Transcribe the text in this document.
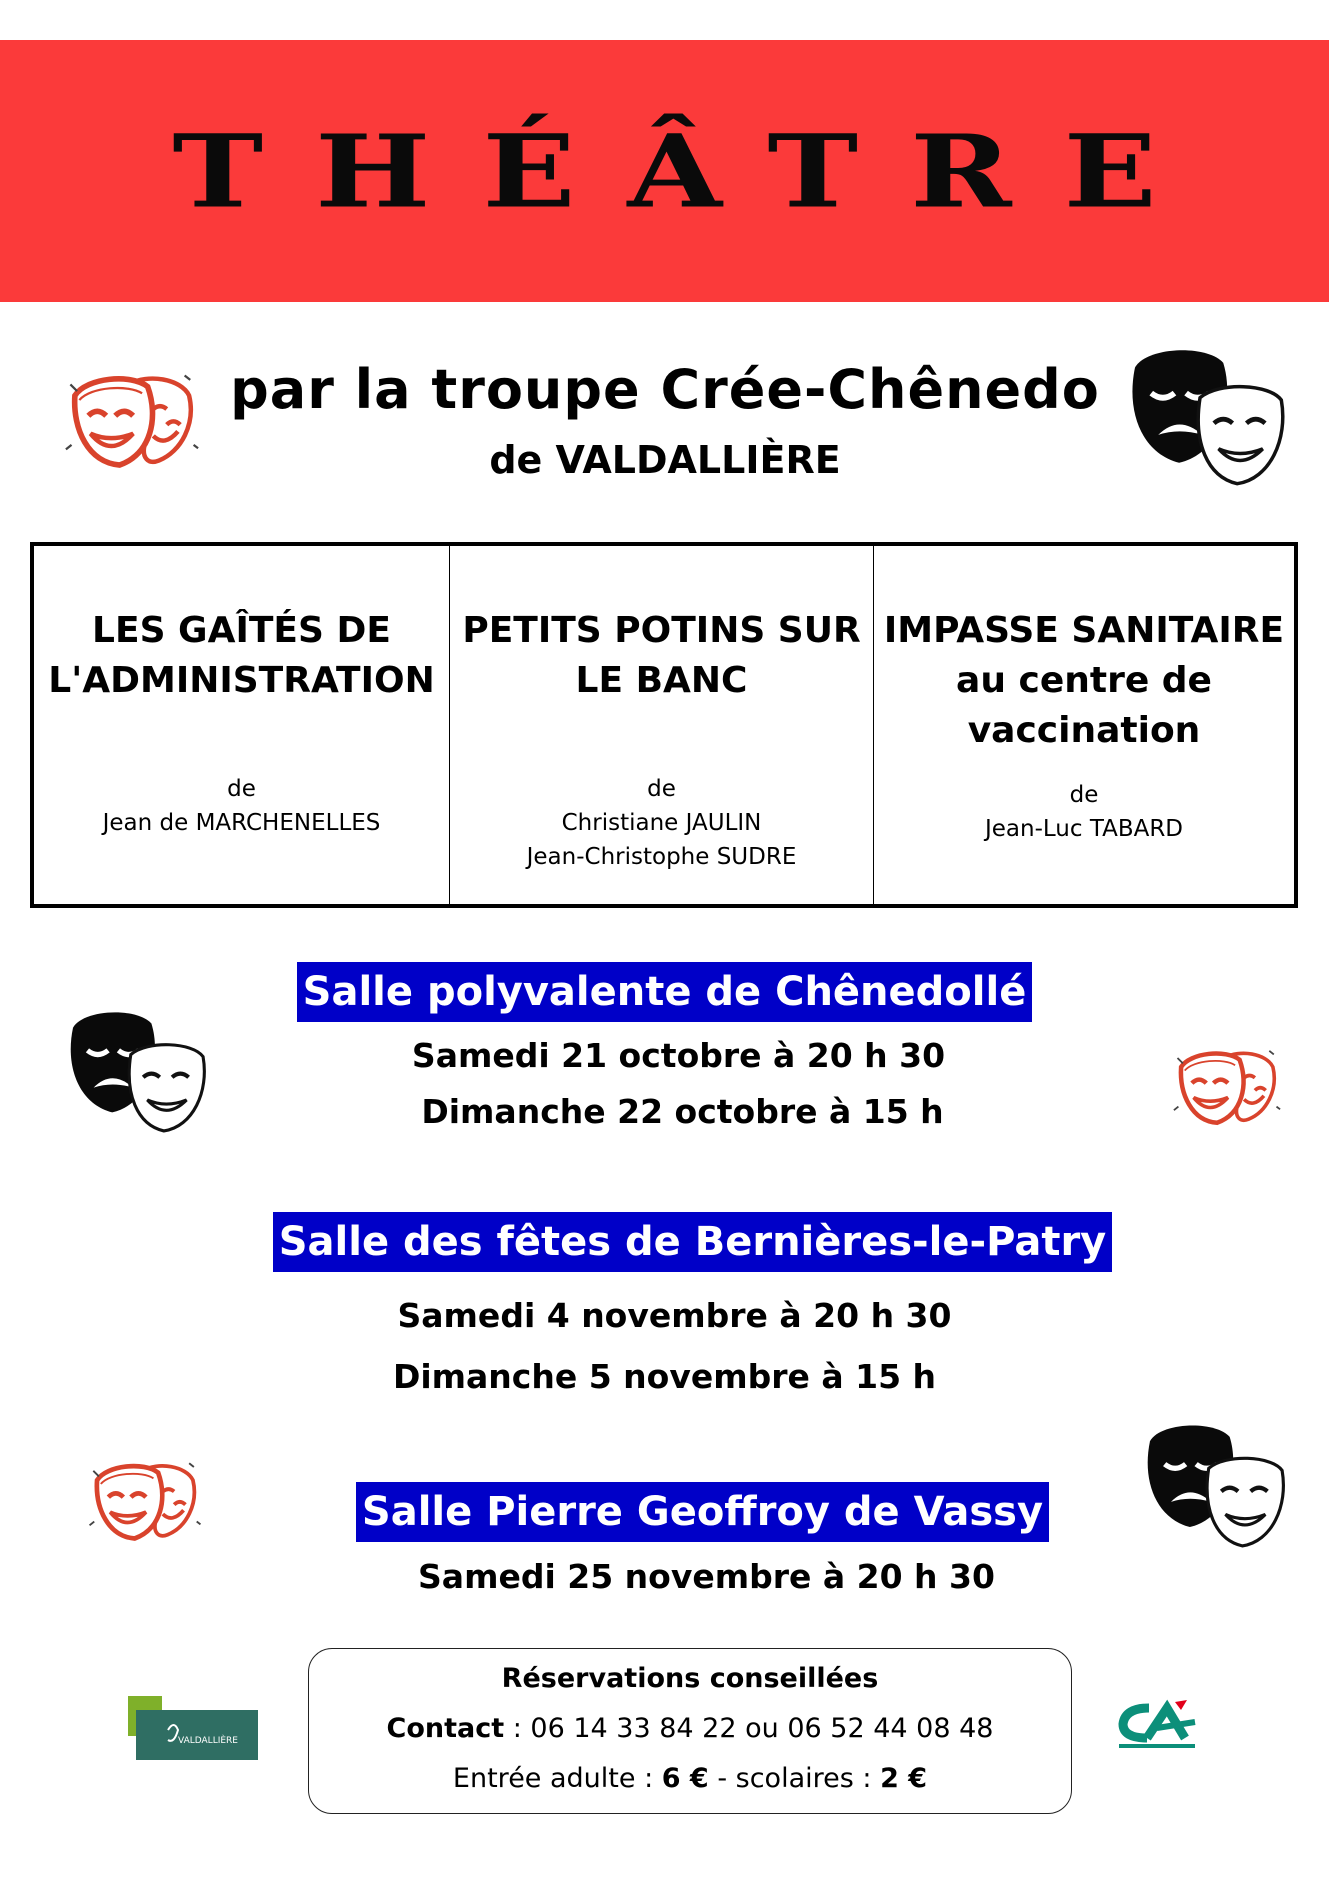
THÉÂTRE
par la troupe Crée-Chênedo
de VALDALLIÈRE
LES GAÎTÉS DE
L'ADMINISTRATION
de
Jean de MARCHENELLES
PETITS POTINS SUR
LE BANC
de
Christiane JAULIN
Jean-Christophe SUDRE
IMPASSE SANITAIRE
au centre de
vaccination
de
Jean-Luc TABARD
Salle polyvalente de Chênedollé
Samedi 21 octobre à 20 h 30
Dimanche 22 octobre à 15 h
Salle des fêtes de Bernières-le-Patry
Samedi 4 novembre à 20 h 30
Dimanche 5 novembre à 15 h
Salle Pierre Geoffroy de Vassy
Samedi 25 novembre à 20 h 30
Réservations conseillées
Contact : 06 14 33 84 22 ou 06 52 44 08 48
Entrée adulte : 6 € - scolaires : 2 €
VALDALLIÈRE
